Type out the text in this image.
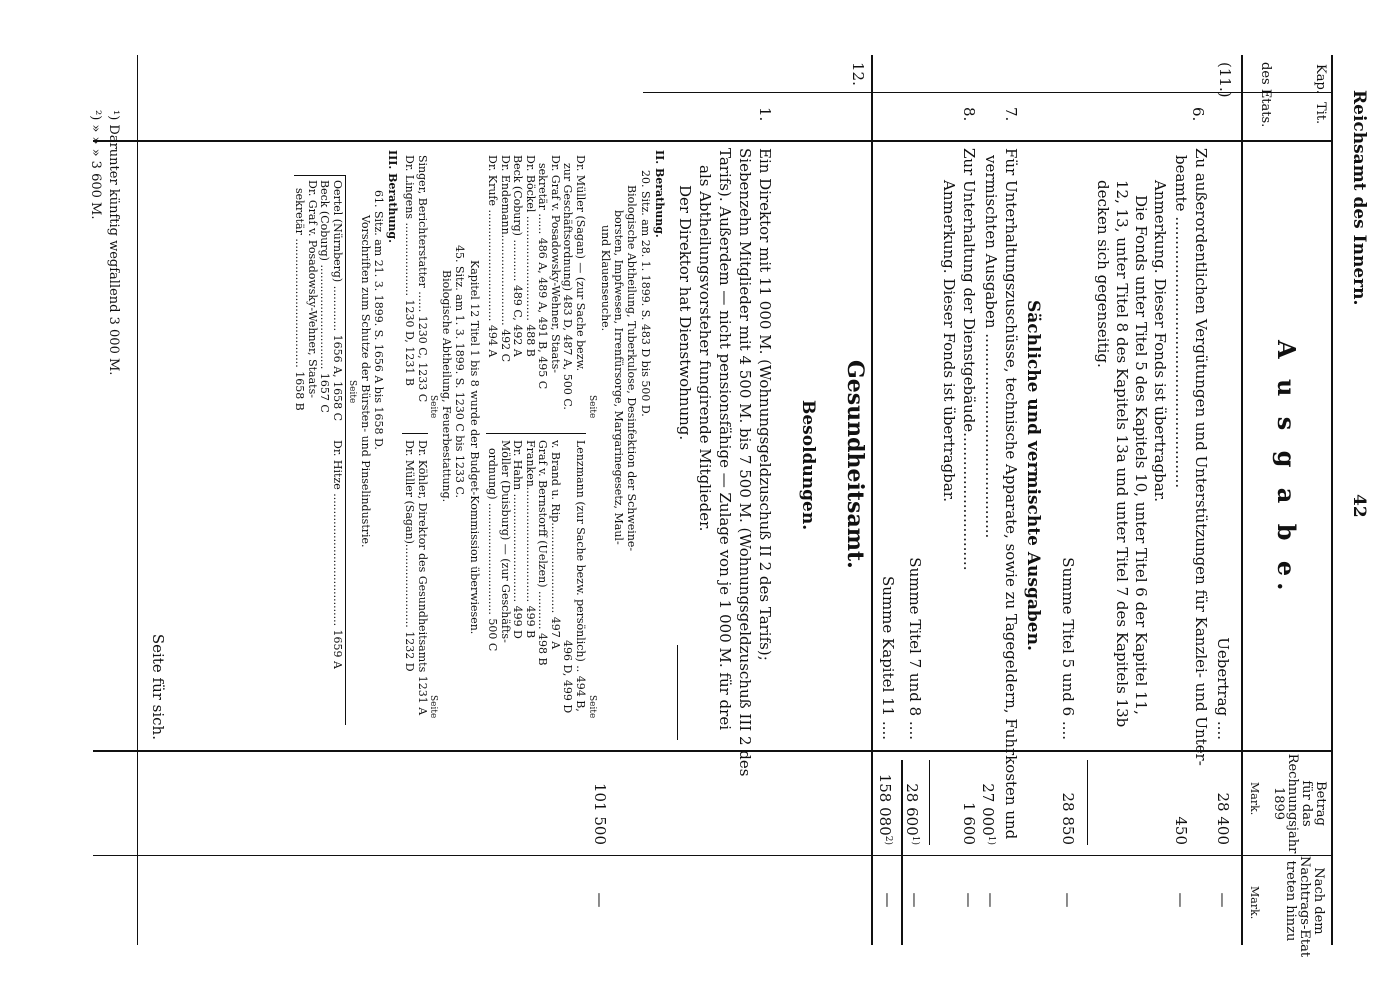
Reichsamt des Innern.
42
Kap.
Tit.
des Etats.
A u s g a b e.
Betrag
für das
Rechnungsjahr
1899
Nach dem
Nachtrags-Etat
treten hinzu
Mark.
Mark.
Uebertrag ....
28 400
—
(11.)
6.
Zu außerordentlichen Vergütungen und Unterstützungen für Kanzlei- und Unter-
beamte .........................................................
450
—
Anmerkung. Dieser Fonds ist übertragbar.
Die Fonds unter Titel 5 des Kapitels 10, unter Titel 6 der Kapitel 11,
12, 13, unter Titel 8 des Kapitels 13a und unter Titel 7 des Kapitels 13b
decken sich gegenseitig.
Summe Titel 5 und 6 ....
28 850
—
Sächliche und vermischte Ausgaben.
7.
Für Unterhaltungszuschüsse, technische Apparate, sowie zu Tagegeldern, Fuhrkosten und
vermischten Ausgaben ...........................................
27 000$^{1)}$
—
8.
Zur Unterhaltung der Dienstgebäude.............................
Anmerkung. Dieser Fonds ist übertragbar.
1 600
—
Summe Titel 7 und 8 ....
28 600$^{1)}$
—
Summe Kapitel 11 ....
158 080$^{2)}$
—
12.
Gesundheitsamt.
Besoldungen.
1.
Ein Direktor mit 11 000 M. (Wohnungsgeldzuschuß II 2 des Tarifs);
Siebenzehn Mitglieder mit 4 500 M. bis 7 500 M. (Wohnungsgeldzuschuß III 2 des
Tarifs). Außerdem — nicht pensionsfähige — Zulage von je 1 000 M. für drei
als Abtheilungsvorsteher fungirende Mitglieder.
Der Direktor hat Dienstwohnung.
101 500
—
II. Berathung.
20. Sitz. am 28. 1. 1899. S. 483 D bis 500 D.
Biologische Abtheilung, Tuberkulose, Desinfektion der Schweine-
borsten, Impfwesen, Irrenfürsorge, Margarinegesetz, Maul-
und Klauenseuche.
Seite
Seite
Dr. Müller (Sagan) — (zur Sache bezw.
zur Geschäftsordnung) 483 D, 487 A, 500 C.
Dr. Graf v. Posadowsky-Wehner, Staats-
sekretär ...... 486 A, 489 A, 491 B, 495 C
Dr. Böckel .............................. 488 B
Beck (Coburg) ............ 489 C, 492 A
Dr. Endemann.......................... 492 C
Dr. Krufe ................................ 494 A
Lenzmann (zur Sache bezw. persönlich) .. 494 B,
496 D, 499 D
v. Brand u. Rip.......................... 497 A
Graf v. Bernstorff (Uelzen) ........... 498 B
Franken................................. 499 B
Dr. Hahn ............................... 499 D
Möller (Duisburg) — (zur Geschäfts-
ordnung) ................................ 500 C
Kapitel 12 Titel 1 bis 8 wurde der Budget-Kommission überwiesen.
45. Sitz. am 1. 3. 1899. S. 1230 C bis 1233 C.
Biologische Abtheilung, Feuerbestattung.
Seite
Seite
Singer, Berichterstatter ...... 1230 C, 1233 C
Dr. Lingens ..................... 1230 D, 1231 B
Dr. Köhler, Direktor des Gesundheitsamts 1231 A
Dr. Müller (Sagan)........................ 1232 D
III. Berathung.
61. Sitz. am 21. 3. 1899. S. 1656 A bis 1658 D.
Vorschriften zum Schutze der Bürsten- und Pinselindustrie.
Seite
Oertel (Nürnberg) ............. 1656 A, 1658 C
Beck (Coburg) .............................. 1657 C
Dr. Graf v. Posadowsky-Wehner, Staats-
sekretär ..................................... 1658 B
Dr. Hitze ...................................... 1659 A
Seite für sich.
¹) Darunter künftig wegfallend 3 000 M.
²) » » » 3 600 M.
